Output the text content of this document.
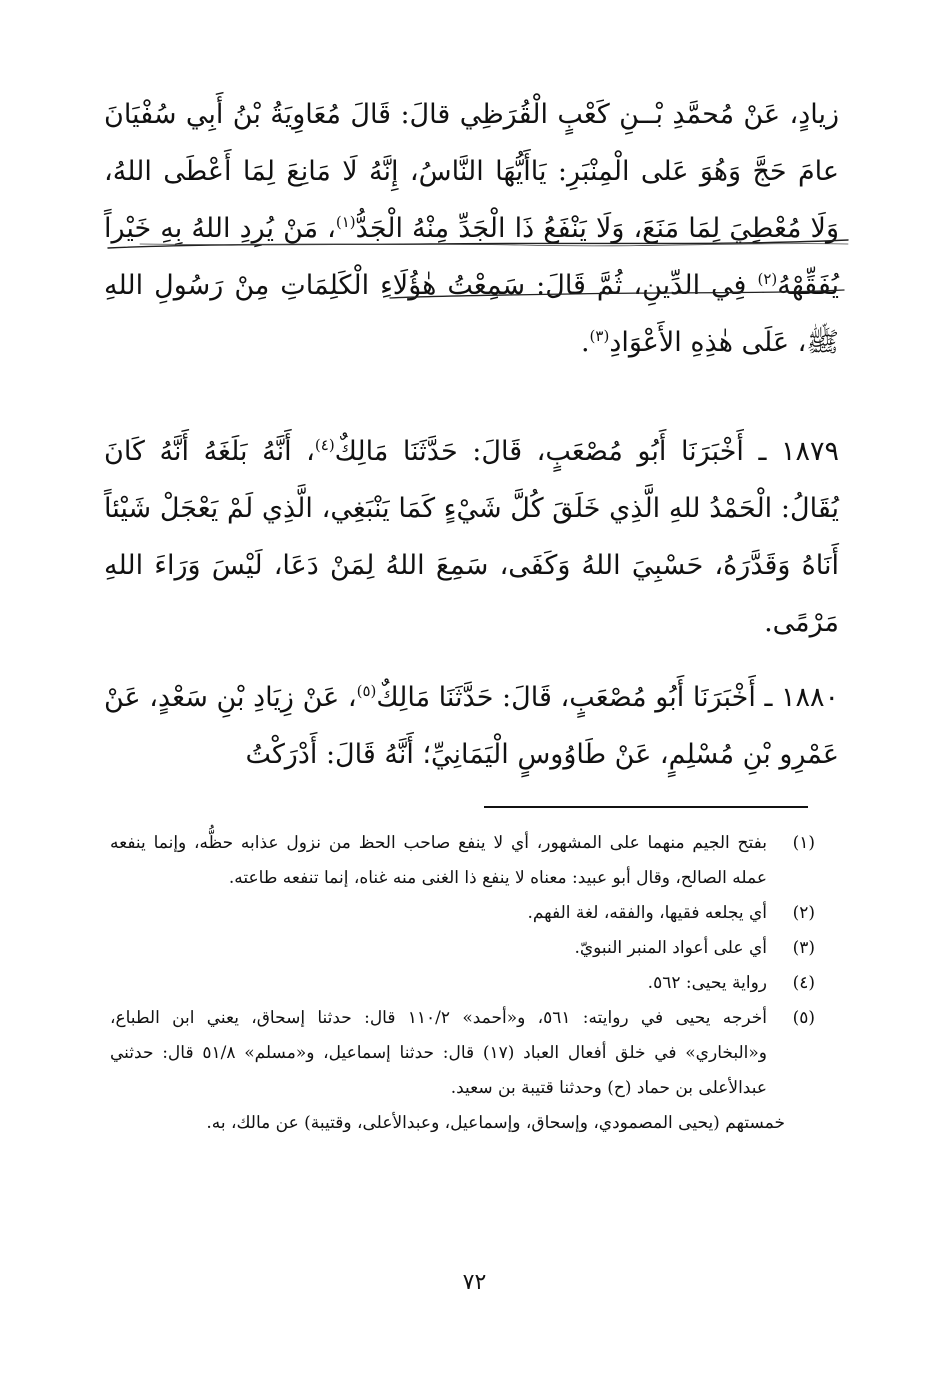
زيادٍ، عَنْ مُحمَّدِ بْــنِ كَعْبٍ الْقُرَظِي قالَ: قَالَ مُعَاوِيَةُ بْنُ أَبِي سُفْيَانَ عامَ حَجَّ وَهُوَ عَلى الْمِنْبَرِ: يَاأَيُّهَا النَّاسُ، إِنَّهُ لَا مَانِعَ لِمَا أَعْطَى اللهُ، وَلَا مُعْطِيَ لِمَا مَنَعَ، وَلَا يَنْفَعُ ذَا الْجَدِّ مِنْهُ الْجَدُّ$^{(١)}$، مَنْ يُرِدِ اللهُ بِهِ خَيْراً يُفَقِّهْهُ$^{(٢)}$ فِي الدِّينِ، ثُمَّ قَالَ: سَمِعْتُ هٰؤُلَاءِ الْكَلِمَاتِ مِنْ رَسُولِ اللهِ ﷺ، عَلَى هٰذِهِ الأَعْوَادِ$^{(٣)}$.

١٨٧٩ ـ أَخْبَرَنَا أَبُو مُصْعَبٍ، قَالَ: حَدَّثَنَا مَالِكٌ$^{(٤)}$، أَنَّهُ بَلَغَهُ أَنَّهُ كَانَ يُقَالُ: الْحَمْدُ للهِ الَّذِي خَلَقَ كُلَّ شَيْءٍ كَمَا يَنْبَغِي، الَّذِي لَمْ يَعْجَلْ شَيْئاً أَنَاهُ وَقَدَّرَهُ، حَسْبِيَ اللهُ وَكَفَى، سَمِعَ اللهُ لِمَنْ دَعَا، لَيْسَ وَرَاءَ اللهِ مَرْمًى.

١٨٨٠ ـ أَخْبَرَنَا أَبُو مُصْعَبٍ، قَالَ: حَدَّثَنَا مَالِكٌ$^{(٥)}$، عَنْ زِيَادِ بْنِ سَعْدٍ، عَنْ عَمْرِو بْنِ مُسْلِمٍ، عَنْ طَاوُوسٍ الْيَمَانِيِّ؛ أَنَّهُ قَالَ: أَدْرَكْتُ

(١)
بفتح الجيم منهما على المشهور، أي لا ينفع صاحب الحظ من نزول عذابه حظُّه، وإنما ينفعه عمله الصالح، وقال أبو عبيد: معناه لا ينفع ذا الغنى منه غناه، إنما تنفعه طاعته.
(٢)
أي يجلعه فقيها، والفقه، لغة الفهم.
(٣)
أي على أعواد المنبر النبويّ.
(٤)
رواية يحيى: ٥٦٢.
(٥)
أخرجه يحيى في روايته: ٥٦١، و«أحمد» ١١٠/٢ قال: حدثنا إسحاق، يعني ابن الطباع، و«البخاري» في خلق أفعال العباد (١٧) قال: حدثنا إسماعيل، و«مسلم» ٥١/٨ قال: حدثني عبدالأعلى بن حماد (ح) وحدثنا قتيبة بن سعيد.

خمستهم (يحيى المصمودي، وإسحاق، وإسماعيل، وعبدالأعلى، وقتيبة) عن مالك، به.

٧٢
